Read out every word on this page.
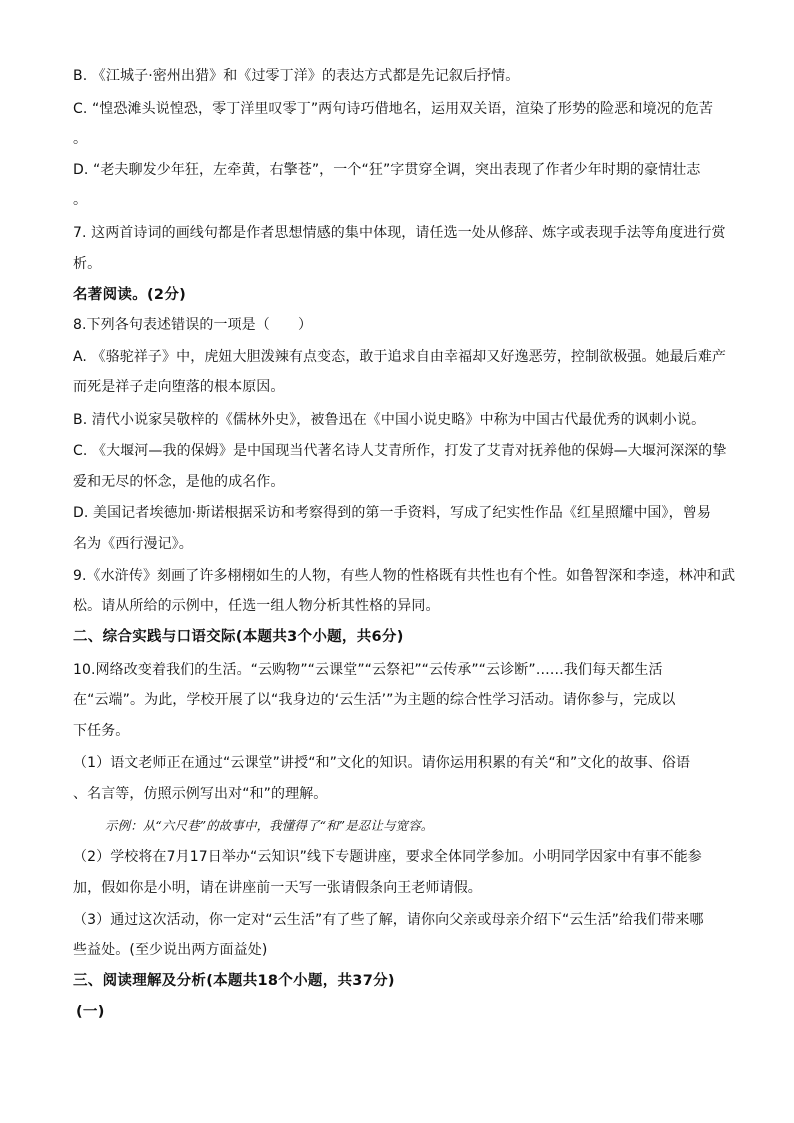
B. 《江城子·密州出猎》和《过零丁洋》的表达方式都是先记叙后抒情。
C. “惶恐滩头说惶恐，零丁洋里叹零丁”两句诗巧借地名，运用双关语，渲染了形势的险恶和境况的危苦
。
D. “老夫聊发少年狂，左牵黄，右擎苍”，一个“狂”字贯穿全调，突出表现了作者少年时期的豪情壮志
。
7. 这两首诗词的画线句都是作者思想情感的集中体现，请任选一处从修辞、炼字或表现手法等角度进行赏
析。
名著阅读。(2分)
8.下列各句表述错误的一项是（　　）
A. 《骆驼祥子》中，虎妞大胆泼辣有点变态，敢于追求自由幸福却又好逸恶劳，控制欲极强。她最后难产
而死是祥子走向堕落的根本原因。
B. 清代小说家吴敬梓的《儒林外史》，被鲁迅在《中国小说史略》中称为中国古代最优秀的讽刺小说。
C. 《大堰河—我的保姆》是中国现当代著名诗人艾青所作，打发了艾青对抚养他的保姆—大堰河深深的挚
爱和无尽的怀念，是他的成名作。
D. 美国记者埃德加·斯诺根据采访和考察得到的第一手资料，写成了纪实性作品《红星照耀中国》，曾易
名为《西行漫记》。
9.《水浒传》刻画了许多栩栩如生的人物，有些人物的性格既有共性也有个性。如鲁智深和李逵，林冲和武
松。请从所给的示例中，任选一组人物分析其性格的异同。
二、综合实践与口语交际(本题共3个小题，共6分)
10.网络改变着我们的生活。“云购物”“云课堂”“云祭祀”“云传承”“云诊断”……我们每天都生活
在“云端”。为此，学校开展了以“我身边的‘云生活’”为主题的综合性学习活动。请你参与，完成以
下任务。
（1）语文老师正在通过“云课堂”讲授“和”文化的知识。请你运用积累的有关“和”文化的故事、俗语
、名言等，仿照示例写出对“和”的理解。
示例：从“六尺巷”的故事中，我懂得了“和”是忍让与宽容。
（2）学校将在7月17日举办“云知识”线下专题讲座，要求全体同学参加。小明同学因家中有事不能参
加，假如你是小明，请在讲座前一天写一张请假条向王老师请假。
（3）通过这次活动，你一定对“云生活”有了些了解，请你向父亲或母亲介绍下“云生活”给我们带来哪
些益处。(至少说出两方面益处)
三、阅读理解及分析(本题共18个小题，共37分)
(一)
